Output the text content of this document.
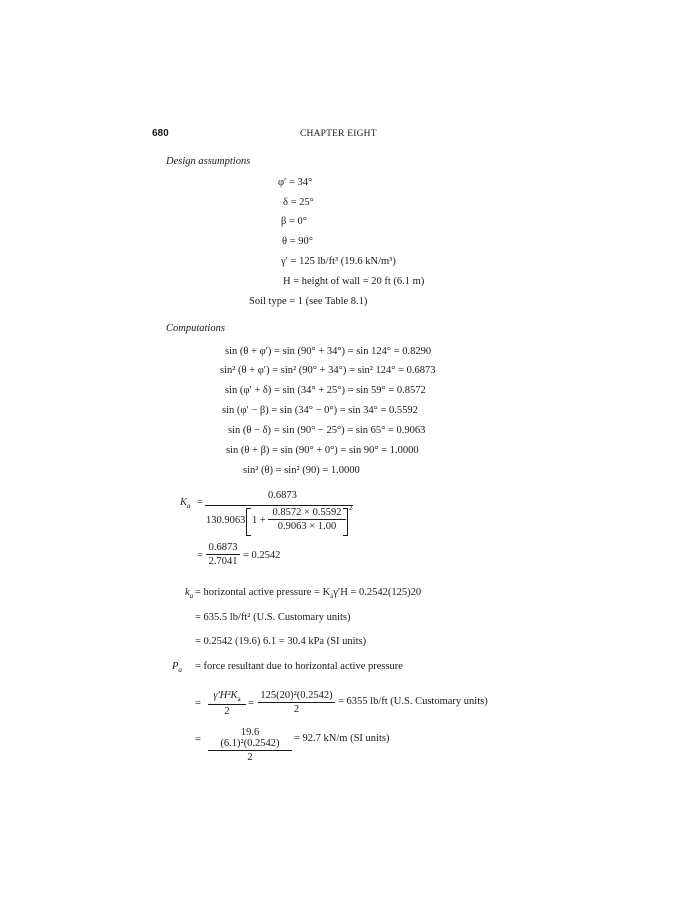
680	CHAPTER EIGHT
Design assumptions
φ′ = 34°
δ = 25°
β = 0°
θ = 90°
γ′ = 125 lb/ft³ (19.6 kN/m³)
H = height of wall = 20 ft (6.1 m)
Soil type = 1 (see Table 8.1)
Computations
sin (θ + φ′) = sin (90° + 34°) = sin 124° = 0.8290
sin² (θ + φ′) = sin² (90° + 34°) = sin² 124° = 0.6873
sin (φ′ + δ) = sin (34° + 25°) = sin 59° = 0.8572
sin (φ′ − β) = sin (34° − 0°) = sin 34° = 0.5592
sin (θ − δ) = sin (90° − 25°) = sin 65° = 0.9063
sin (θ + β) = sin (90° + 0°) = sin 90° = 1.0000
sin² (θ) = sin² (90) = 1.0000
$K_a$ =
0.6873
130.9063 1 +
0.8572 × 0.5592
0.9063 × 1.00
2
=
0.6873
2.7041
= 0.2542
$k_a$ = horizontal active pressure = $K_a\gamma'H = 0.2542(125)20$
= 635.5 lb/ft² (U.S. Customary units)
= 0.2542 (19.6) 6.1 = 30.4 kPa (SI units)
$P_a$ = force resultant due to horizontal active pressure
=
$\gamma'H^2K_a$
2
=
125(20)²(0.2542)
2
= 6355 lb/ft (U.S. Customary units)
=
19.6 (6.1)²(0.2542)
2
= 92.7 kN/m (SI units)
